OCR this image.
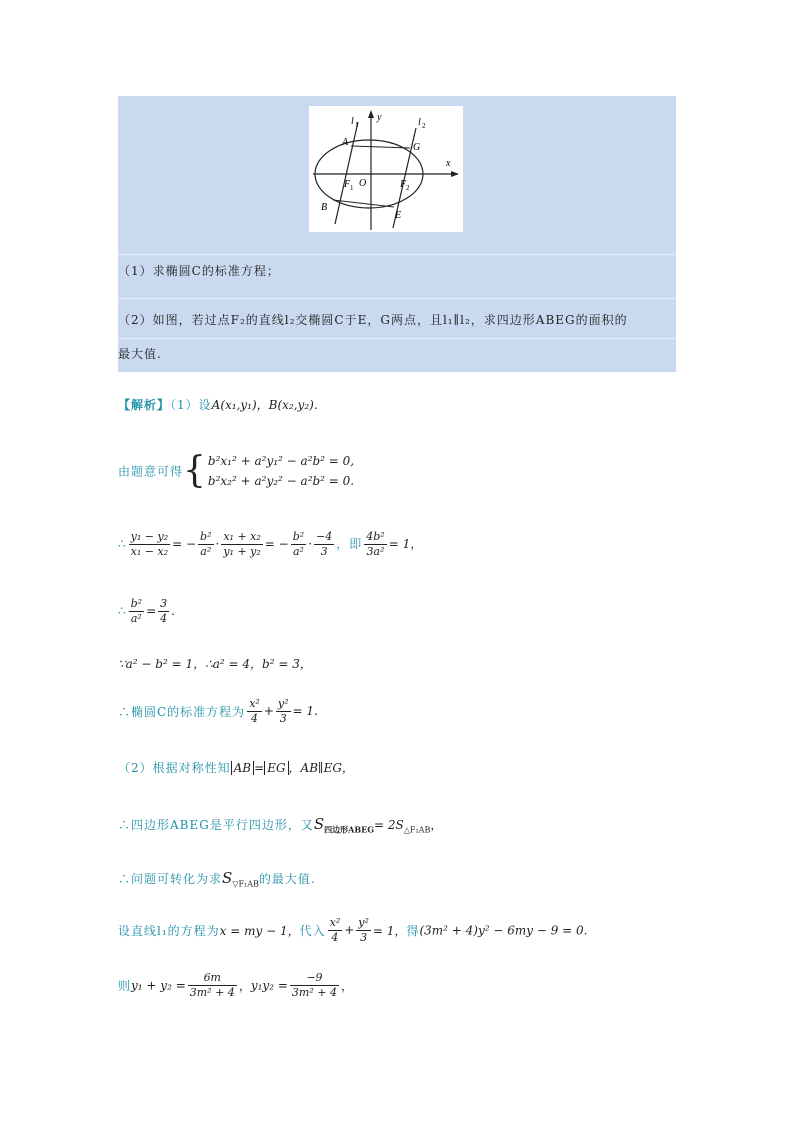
l 1
y	l 2
x
A	G
O
F 1	F 2
B
E
（1）求椭圆C的标准方程；
（2）如图，若过点F₂的直线l₂交椭圆C于E，G两点，且l₁∥l₂，求四边形ABEG的面积的
最大值.
【解析】（1）设A(x₁,y₁)，B(x₂,y₂).
由题意可得{ b²x₁² + a²y₁² − a²b² = 0,
b²x₂² + a²y₂² − a²b² = 0.
∴ $\frac{\text{y₁ − y₂}}{\text{x₁ − x₂}}$ = − $\frac{\text{b²}}{\text{a²}} \cdot \frac{\text{x₁ + x₂}}{\text{y₁ + y₂}}$ = − $\frac{\text{b²}}{\text{a²}} \cdot \frac{-4}{3}$ ，即 $\frac{\text{4b²}}{\text{3a²}} = 1$，
∴ $\frac{\text{b²}}{\text{a²}} = \frac{3}{4}$ .
∵a² − b² = 1，∴a² = 4，b² = 3，
∴椭圆C的标准方程为 $\frac{\text{x²}}{4} + \frac{\text{y²}}{3} = 1$.
（2）根据对称性知 AB = EG ，AB∥EG，
∴四边形ABEG是平行四边形，又$S_{四边形ABEG}= 2S_{\triangle F_1AB}$，
∴问题可转化为求$S_{▽F_1AB}$的最大值.
设直线l₁的方程为x = my − 1，代入 $\frac{\text{x²}}{4} + \frac{\text{y²}}{3} = 1$，得(3m² + 4)y² − 6my − 9 = 0.
则$y_1 + y_2 = \frac{6m}{\text{3m² + 4}}$ ，$y_1y_2 = \frac{-9}{\text{3m² + 4}}$ ，
